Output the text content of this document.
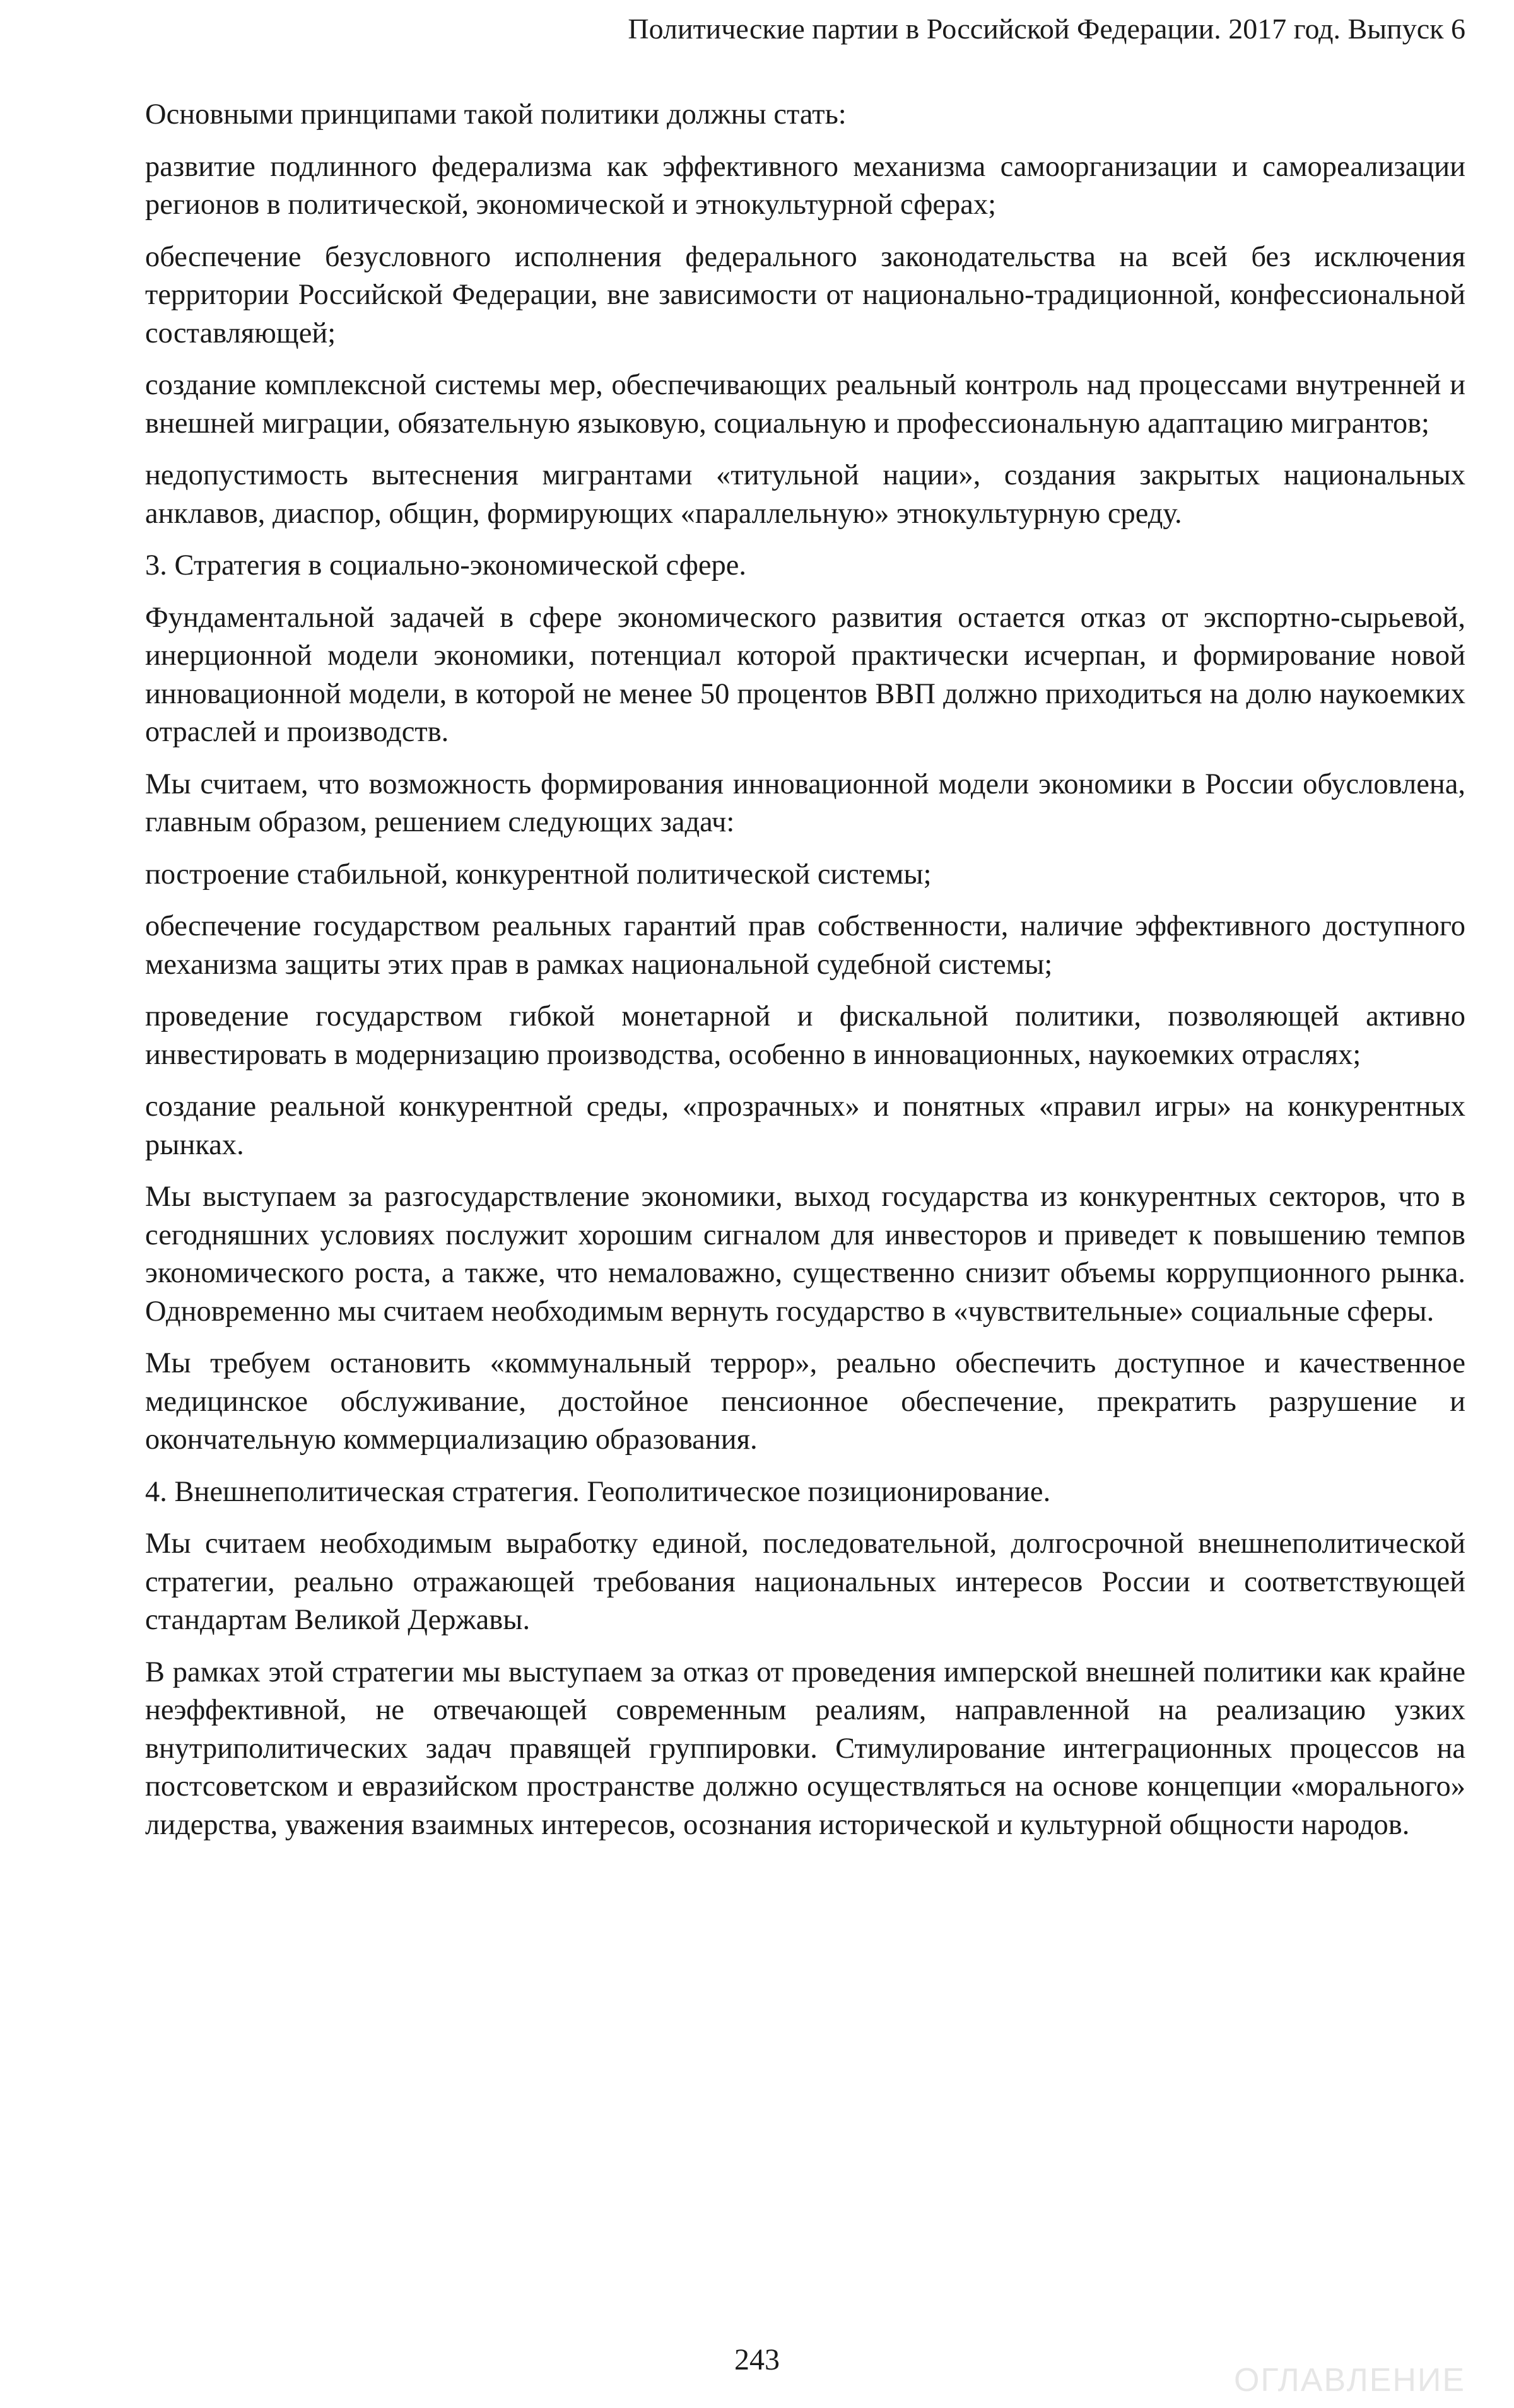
Политические партии в Российской Федерации. 2017 год. Выпуск 6

Основными принципами такой политики должны стать:

развитие подлинного федерализма как эффективного механизма самоорганизации и самореализации регионов в политической, экономической и этнокультурной сферах;

обеспечение безусловного исполнения федерального законодательства на всей без исключения территории Российской Федерации, вне зависимости от национально-традиционной, конфессиональной составляющей;

создание комплексной системы мер, обеспечивающих реальный контроль над процессами внутренней и внешней миграции, обязательную языковую, социальную и профессиональную адаптацию мигрантов;

недопустимость вытеснения мигрантами «титульной нации», создания закрытых национальных анклавов, диаспор, общин, формирующих «параллельную» этнокультурную среду.

3. Стратегия в социально-экономической сфере.

Фундаментальной задачей в сфере экономического развития остается отказ от экспортно-сырьевой, инерционной модели экономики, потенциал которой практически исчерпан, и формирование новой инновационной модели, в которой не менее 50 процентов ВВП должно приходиться на долю наукоемких отраслей и производств.

Мы считаем, что возможность формирования инновационной модели экономики в России обусловлена, главным образом, решением следующих задач:

построение стабильной, конкурентной политической системы;

обеспечение государством реальных гарантий прав собственности, наличие эффективного доступного механизма защиты этих прав в рамках национальной судебной системы;

проведение государством гибкой монетарной и фискальной политики, позволяющей активно инвестировать в модернизацию производства, особенно в инновационных, наукоемких отраслях;

создание реальной конкурентной среды, «прозрачных» и понятных «правил игры» на конкурентных рынках.

Мы выступаем за разгосударствление экономики, выход государства из конкурентных секторов, что в сегодняшних условиях послужит хорошим сигналом для инвесторов и приведет к повышению темпов экономического роста, а также, что немаловажно, существенно снизит объемы коррупционного рынка. Одновременно мы считаем необходимым вернуть государство в «чувствительные» социальные сферы.

Мы требуем остановить «коммунальный террор», реально обеспечить доступное и качественное медицинское обслуживание, достойное пенсионное обеспечение, прекратить разрушение и окончательную коммерциализацию образования.

4. Внешнеполитическая стратегия. Геополитическое позиционирование.

Мы считаем необходимым выработку единой, последовательной, долгосрочной внешнеполитической стратегии, реально отражающей требования национальных интересов России и соответствующей стандартам Великой Державы.

В рамках этой стратегии мы выступаем за отказ от проведения имперской внешней политики как крайне неэффективной, не отвечающей современным реалиям, направленной на реализацию узких внутриполитических задач правящей группировки. Стимулирование интеграционных процессов на постсоветском и евразийском пространстве должно осуществляться на основе концепции «морального» лидерства, уважения взаимных интересов, осознания исторической и культурной общности народов.

243
ОГЛАВЛЕНИЕ
